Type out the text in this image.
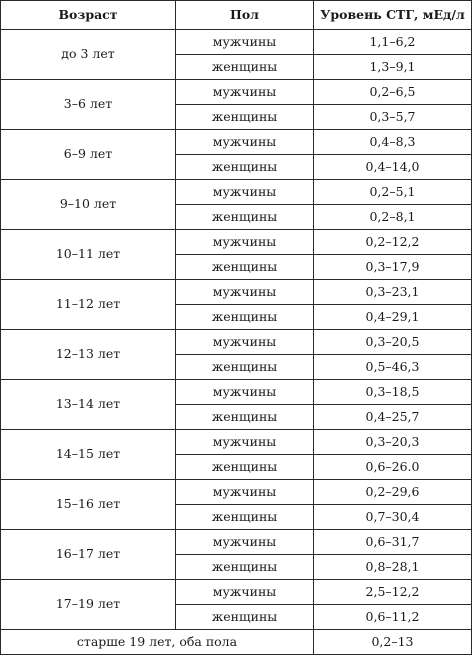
Возраст	Пол	Уровень СТГ, мЕд/л
до 3 лет	мужчины	1,1–6,2
	женщины	1,3–9,1
3–6 лет	мужчины	0,2–6,5
	женщины	0,3–5,7
6–9 лет	мужчины	0,4–8,3
	женщины	0,4–14,0
9–10 лет	мужчины	0,2–5,1
	женщины	0,2–8,1
10–11 лет	мужчины	0,2–12,2
	женщины	0,3–17,9
11–12 лет	мужчины	0,3–23,1
	женщины	0,4–29,1
12–13 лет	мужчины	0,3–20,5
	женщины	0,5–46,3
13–14 лет	мужчины	0,3–18,5
	женщины	0,4–25,7
14–15 лет	мужчины	0,3–20,3
	женщины	0,6–26.0
15–16 лет	мужчины	0,2–29,6
	женщины	0,7–30,4
16–17 лет	мужчины	0,6–31,7
	женщины	0,8–28,1
17–19 лет	мужчины	2,5–12,2
	женщины	0,6–11,2
старше 19 лет, оба пола		0,2–13
